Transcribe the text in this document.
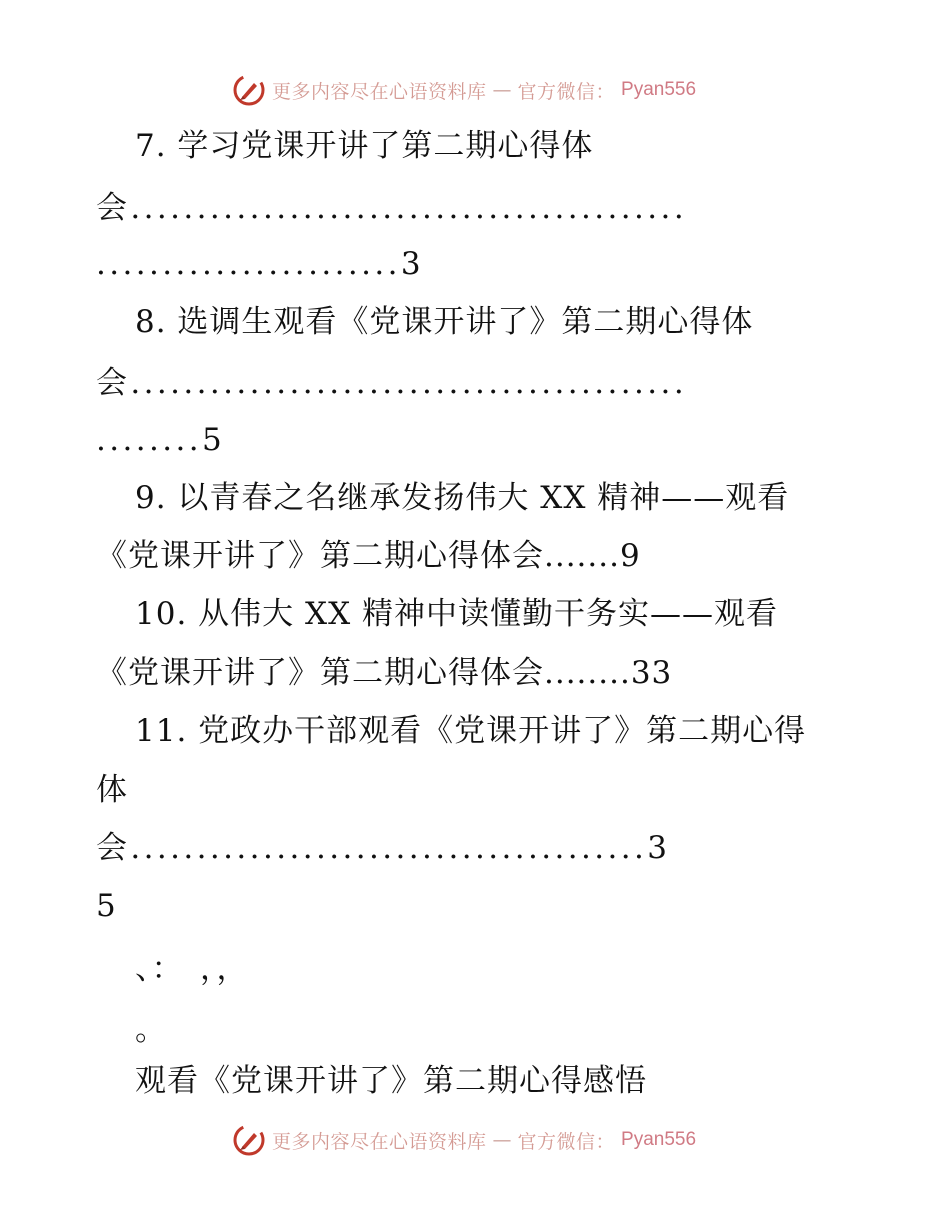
更多内容尽在心语资料库 — 官方微信： Pyan556
7. 学习党课开讲了第二期心得体
会..........................................
.......................3
8. 选调生观看《党课开讲了》第二期心得体
会..........................................
........5
9. 以青春之名继承发扬伟大 XX 精神——观看
《党课开讲了》第二期心得体会.......9
10. 从伟大 XX 精神中读懂勤干务实——观看
《党课开讲了》第二期心得体会........33
11. 党政办干部观看《党课开讲了》第二期心得
体
会.......................................3
5
、：　，，
。
观看《党课开讲了》第二期心得感悟
更多内容尽在心语资料库 — 官方微信： Pyan556
